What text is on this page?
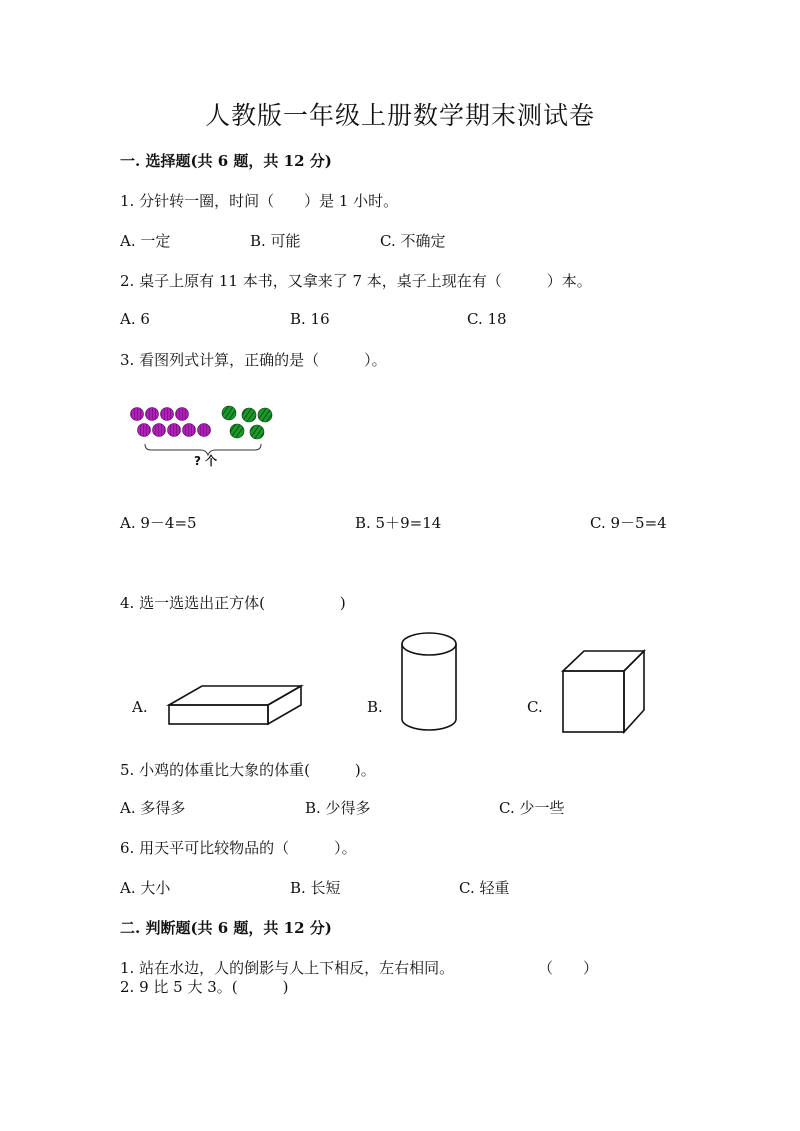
人教版一年级上册数学期末测试卷
一. 选择题(共 6 题，共 12 分)
1. 分针转一圈，时间（　　）是 1 小时。
A. 一定	B. 可能	C. 不确定
2. 桌子上原有 11 本书，又拿来了 7 本，桌子上现在有（　　　）本。
A. 6	B. 16	C. 18
3. 看图列式计算，正确的是（　　　）。
? 个
A. 9－4=5	B. 5＋9=14	C. 9－5=4
4. 选一选选出正方体(　　　　　)
A.	B.	C.
5. 小鸡的体重比大象的体重(　　　)。
A. 多得多	B. 少得多	C. 少一些
6. 用天平可比较物品的（　　　）。
A. 大小	B. 长短	C. 轻重
二. 判断题(共 6 题，共 12 分)
1. 站在水边，人的倒影与人上下相反，左右相同。	（　　）
2. 9 比 5 大 3。(　　　)
